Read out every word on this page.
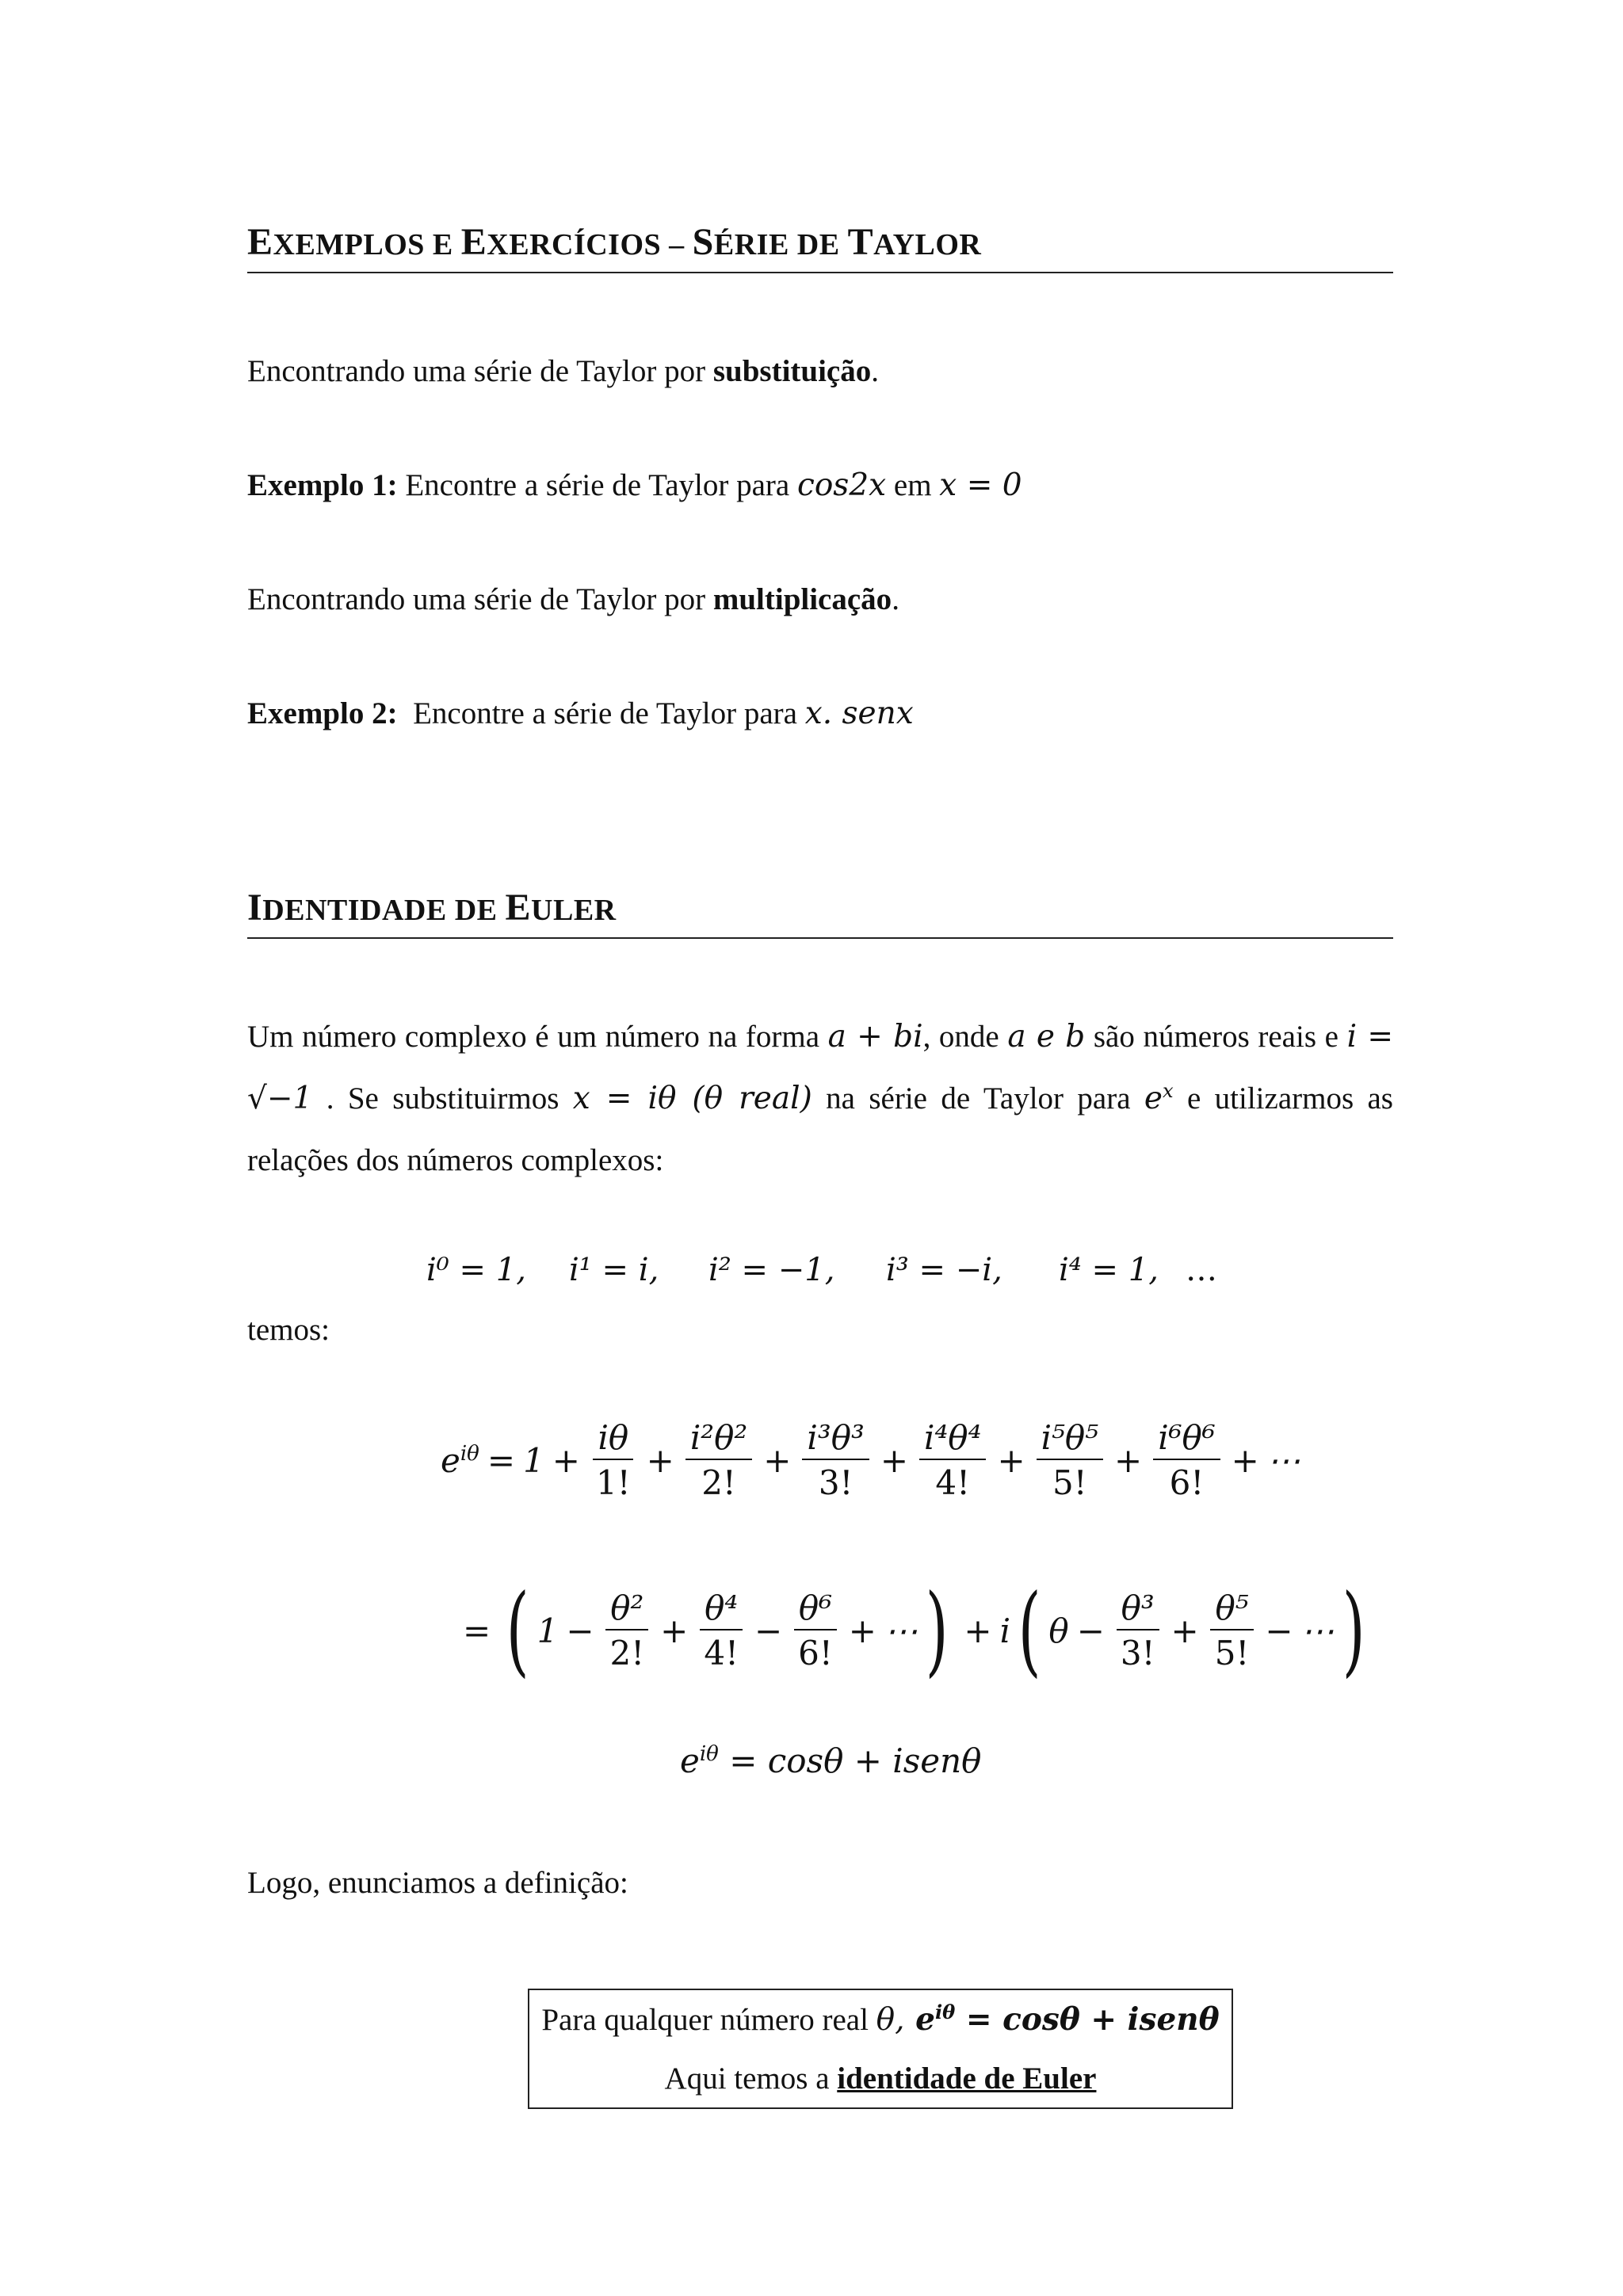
EXEMPLOS E EXERCÍCIOS – SÉRIE DE TAYLOR
Encontrando uma série de Taylor por substituição.
Exemplo 1: Encontre a série de Taylor para cos2x em x = 0
Encontrando uma série de Taylor por multiplicação.
Exemplo 2:  Encontre a série de Taylor para x. senx
IDENTIDADE DE EULER
Um número complexo é um número na forma a + bi, onde a e b são números reais e i = √−1 . Se substituirmos x = iθ (θ real) na série de Taylor para $e^x$ e utilizarmos as relações dos números complexos:
i⁰ = 1,	i¹ = i,	i² = −1,	i³ = −i,	i⁴ = 1, …
temos:
$e^{i\theta} = 1 + \frac{i\theta}{1!} + \frac{\text{i²θ²}}{2!} + \frac{\text{i³θ³}}{3!} + \frac{\text{i⁴θ⁴}}{4!} + \frac{\text{i⁵θ⁵}}{5!} + \frac{\text{i⁶θ⁶}}{6!}$ + ⋯
= ( $1 - \frac{\text{θ²}}{2!} + \frac{\text{θ⁴}}{4!} - \frac{\text{θ⁶}}{6!}$ + ⋯ ) + i ( $\theta - \frac{\text{θ³}}{3!} + \frac{\text{θ⁵}}{5!}$ − ⋯ )
$e^{i\theta} = \cos\theta$ + isenθ
Logo, enunciamos a definição:
Para qualquer número real θ, $e^{i\theta} = \cos\theta$ + isenθ
Aqui temos a identidade de Euler
